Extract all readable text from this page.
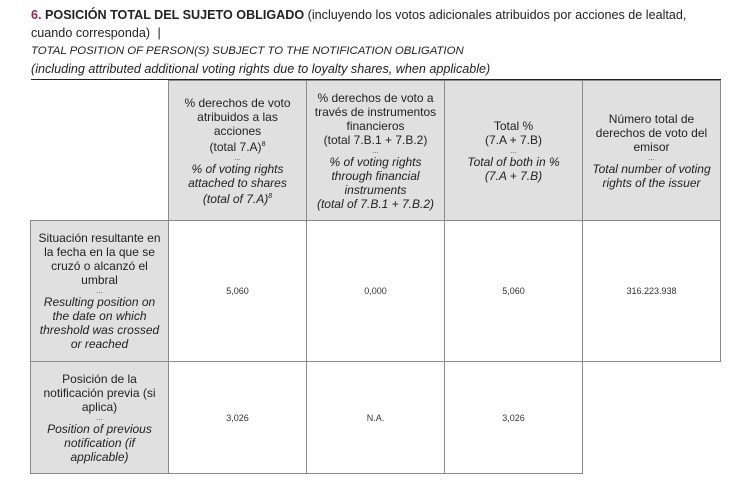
6. POSICIÓN TOTAL DEL SUJETO OBLIGADO (incluyendo los votos adicionales atribuidos por acciones de lealtad, cuando corresponda) |
TOTAL POSITION OF PERSON(S) SUBJECT TO THE NOTIFICATION OBLIGATION
(including attributed additional voting rights due to loyalty shares, when applicable)

	% derechos de voto atribuidos a las acciones
(total 7.A)$^8$
...
% of voting rights attached to shares
(total of 7.A)$^8$	% derechos de voto a través de instrumentos financieros
(total 7.B.1 + 7.B.2)
...
% of voting rights through financial instruments
(total of 7.B.1 + 7.B.2)	Total %
(7.A + 7.B)
...
Total of both in %
(7.A + 7.B)	Número total de derechos de voto del emisor
...
Total number of voting rights of the issuer

Situación resultante en la fecha en la que se cruzó o alcanzó el umbral
...
Resulting position on the date on which threshold was crossed or reached	5,060	0,000	5,060	316.223.938

Posición de la notificación previa (si aplica)
...
Position of previous notification (if applicable)	3,026	N.A.	3,026	
